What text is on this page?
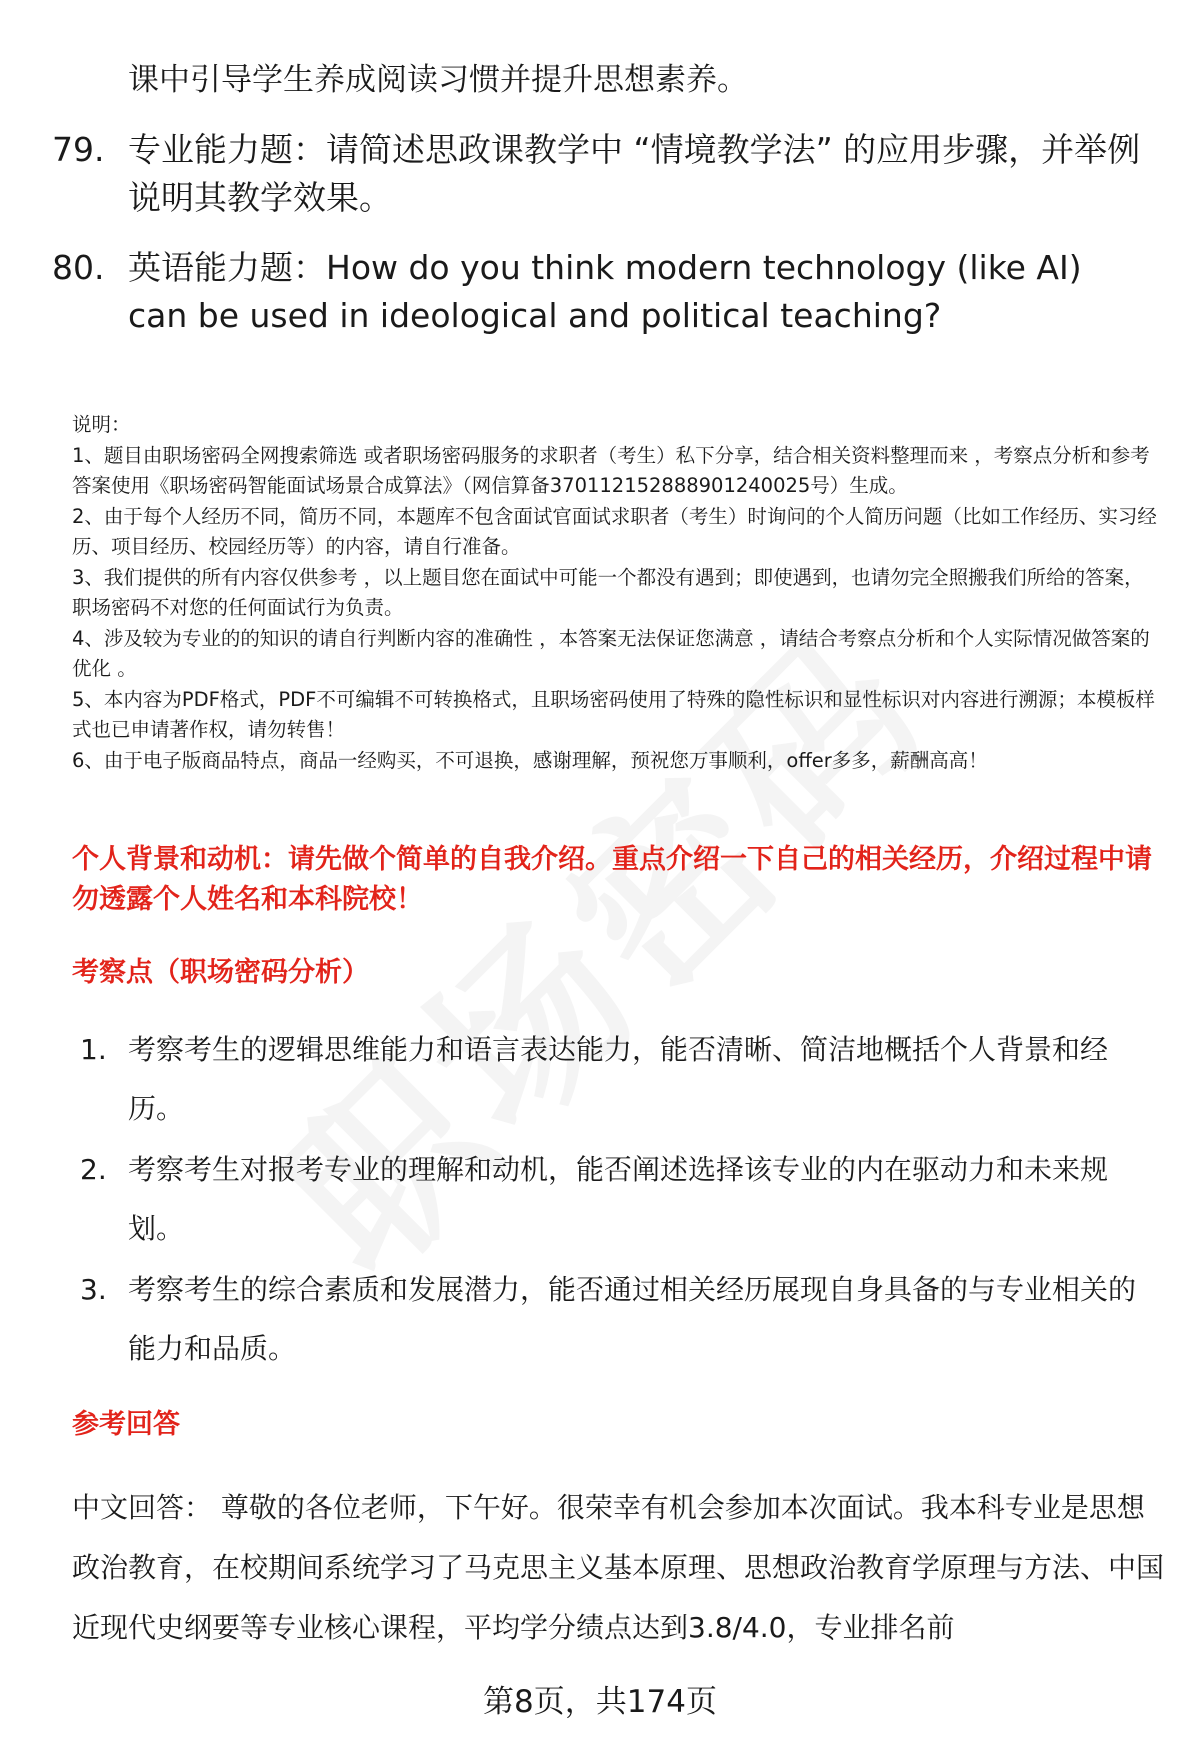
课中引导学生养成阅读习惯并提升思想素养。
79. 专业能力题：请简述思政课教学中 “情境教学法” 的应用步骤，并举例说明其教学效果。
80. 英语能力题：How do you think modern technology (like AI) can be used in ideological and political teaching?
说明：
1、题目由职场密码全网搜索筛选 或者职场密码服务的求职者（考生）私下分享，结合相关资料整理而来 ，考察点分析和参考答案使用《职场密码智能面试场景合成算法》（网信算备370112152888901240025号）生成。
2、由于每个人经历不同，简历不同，本题库不包含面试官面试求职者（考生）时询问的个人简历问题（比如工作经历、实习经历、项目经历、校园经历等）的内容，请自行准备。
3、我们提供的所有内容仅供参考 ，以上题目您在面试中可能一个都没有遇到；即使遇到，也请勿完全照搬我们所给的答案，职场密码不对您的任何面试行为负责。
4、涉及较为专业的的知识的请自行判断内容的准确性 ，本答案无法保证您满意 ，请结合考察点分析和个人实际情况做答案的优化 。
5、本内容为PDF格式，PDF不可编辑不可转换格式，且职场密码使用了特殊的隐性标识和显性标识对内容进行溯源；本模板样式也已申请著作权，请勿转售！
6、由于电子版商品特点，商品一经购买，不可退换，感谢理解，预祝您万事顺利，offer多多，薪酬高高！
个人背景和动机：请先做个简单的自我介绍。重点介绍一下自己的相关经历，介绍过程中请勿透露个人姓名和本科院校！
考察点（职场密码分析）
1. 考察考生的逻辑思维能力和语言表达能力，能否清晰、简洁地概括个人背景和经历。
2. 考察考生对报考专业的理解和动机，能否阐述选择该专业的内在驱动力和未来规划。
3. 考察考生的综合素质和发展潜力，能否通过相关经历展现自身具备的与专业相关的能力和品质。
参考回答
中文回答： 尊敬的各位老师，下午好。很荣幸有机会参加本次面试。我本科专业是思想政治教育，在校期间系统学习了马克思主义基本原理、思想政治教育学原理与方法、中国近现代史纲要等专业核心课程，平均学分绩点达到3.8/4.0，专业排名前
第8页，共174页
